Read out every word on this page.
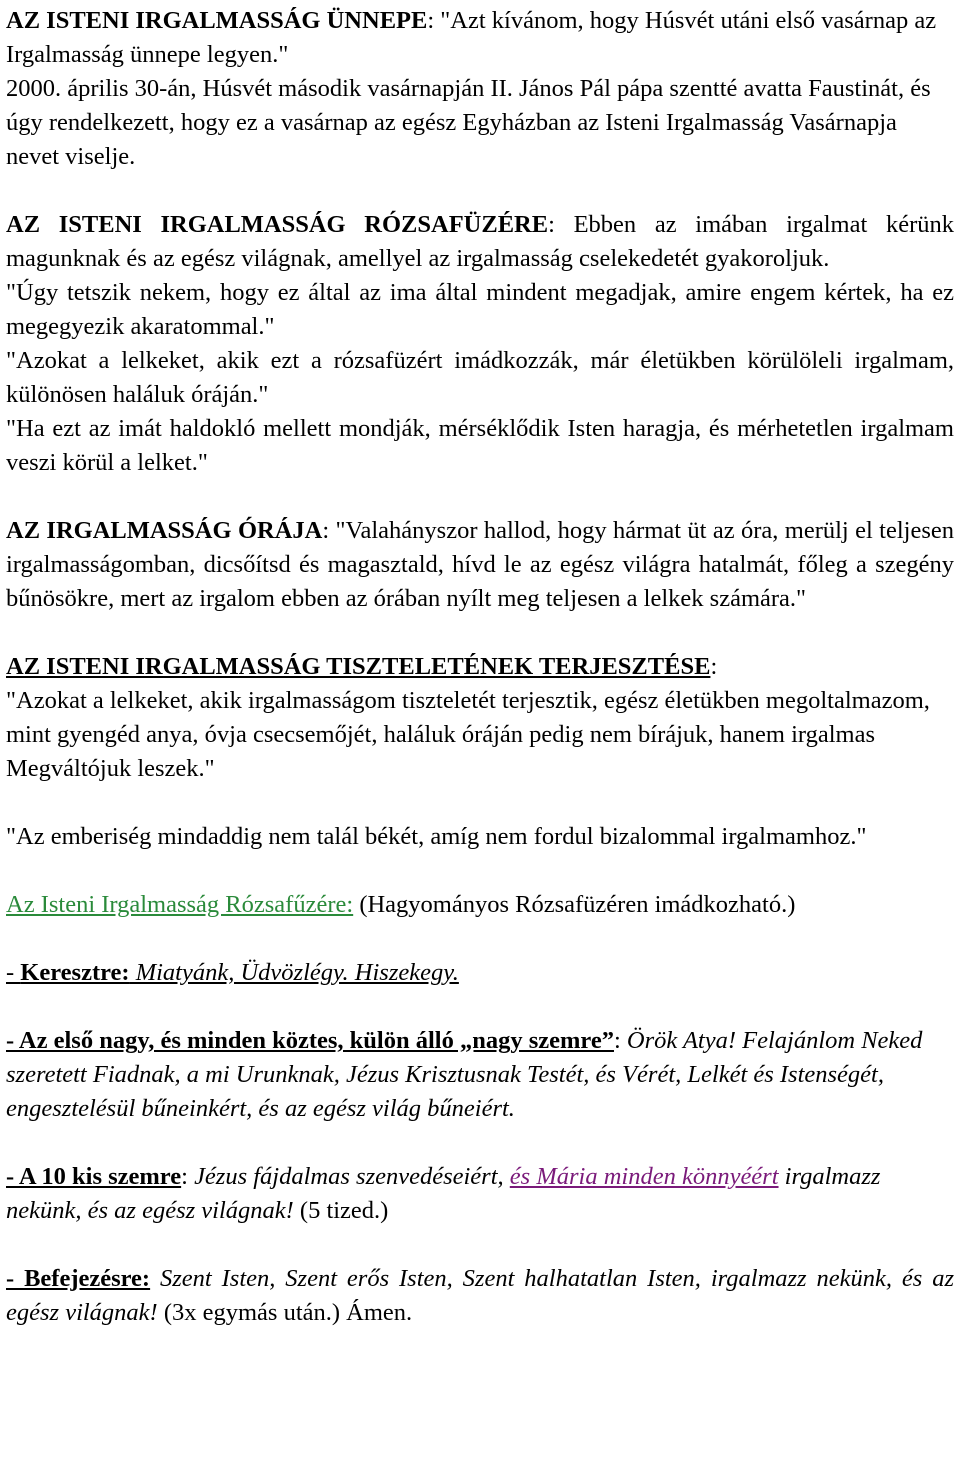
AZ ISTENI IRGALMASSÁG ÜNNEPE: "Azt kívánom, hogy Húsvét utáni első vasárnap az Irgalmasság ünnepe legyen."
2000. április 30-án, Húsvét második vasárnapján II. János Pál pápa szentté avatta Faustinát, és úgy rendelkezett, hogy ez a vasárnap az egész Egyházban az Isteni Irgalmasság Vasárnapja nevet viselje.

AZ ISTENI IRGALMASSÁG RÓZSAFÜZÉRE: Ebben az imában irgalmat kérünk magunknak és az egész világnak, amellyel az irgalmasság cselekedetét gyakoroljuk.
"Úgy tetszik nekem, hogy ez által az ima által mindent megadjak, amire engem kértek, ha ez megegyezik akaratommal."
"Azokat a lelkeket, akik ezt a rózsafüzért imádkozzák, már életükben körülöleli irgalmam, különösen haláluk óráján."
"Ha ezt az imát haldokló mellett mondják, mérséklődik Isten haragja, és mérhetetlen irgalmam veszi körül a lelket."

AZ IRGALMASSÁG ÓRÁJA: "Valahányszor hallod, hogy hármat üt az óra, merülj el teljesen irgalmasságomban, dicsőítsd és magasztald, hívd le az egész világra hatalmát, főleg a szegény bűnösökre, mert az irgalom ebben az órában nyílt meg teljesen a lelkek számára."

AZ ISTENI IRGALMASSÁG TISZTELETÉNEK TERJESZTÉSE:
"Azokat a lelkeket, akik irgalmasságom tiszteletét terjesztik, egész életükben megoltalmazom, mint gyengéd anya, óvja csecsemőjét, haláluk óráján pedig nem bírájuk, hanem irgalmas Megváltójuk leszek."

"Az emberiség mindaddig nem talál békét, amíg nem fordul bizalommal irgalmamhoz."

Az Isteni Irgalmasság Rózsafűzére: (Hagyományos Rózsafüzéren imádkozható.)

- Keresztre: Miatyánk, Üdvözlégy. Hiszekegy.

- Az első nagy, és minden köztes, külön álló „nagy szemre”: Örök Atya! Felajánlom Neked szeretett Fiadnak, a mi Urunknak, Jézus Krisztusnak Testét, és Vérét, Lelkét és Istenségét, engesztelésül bűneinkért, és az egész világ bűneiért.

- A 10 kis szemre: Jézus fájdalmas szenvedéseiért, és Mária minden könnyéért irgalmazz nekünk, és az egész világnak! (5 tized.)

- Befejezésre: Szent Isten, Szent erős Isten, Szent halhatatlan Isten, irgalmazz nekünk, és az egész világnak! (3x egymás után.) Ámen.
